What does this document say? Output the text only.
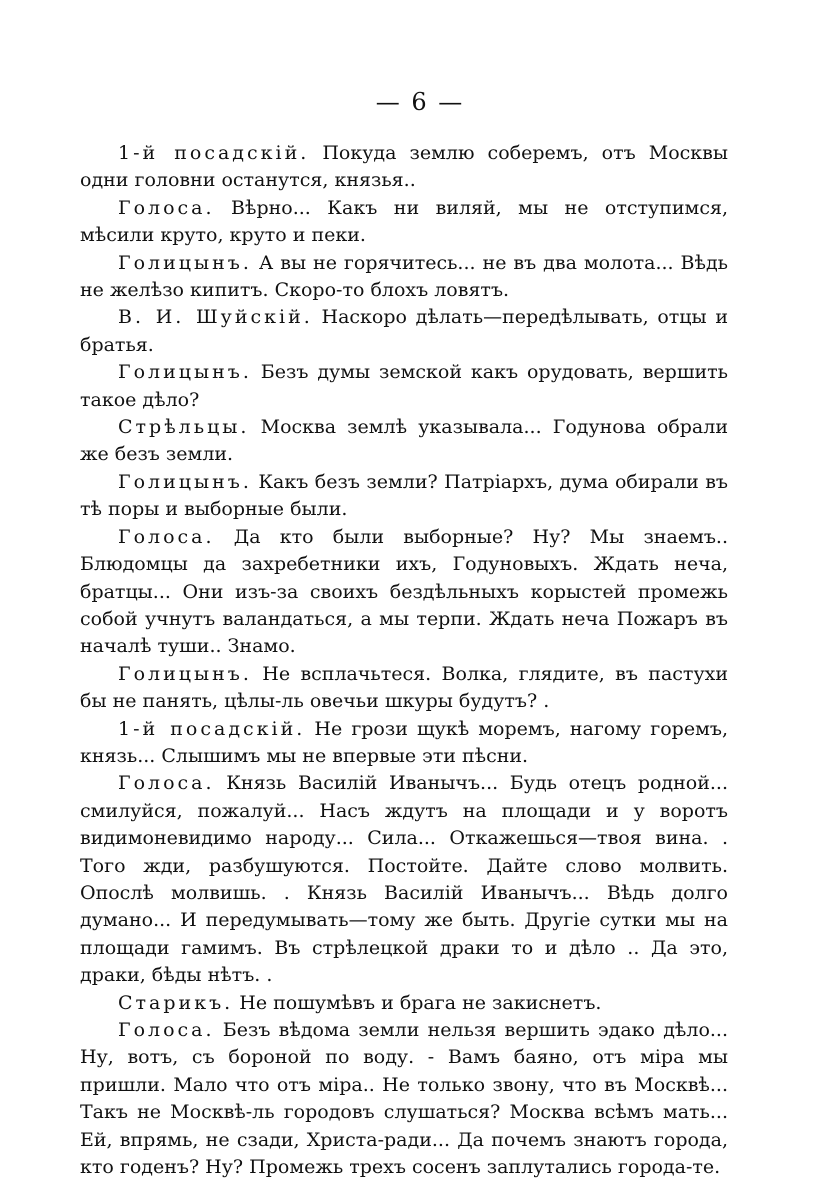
— 6 —

1-й посадскій. Покуда землю соберемъ, отъ Москвы одни головни останутся, князья..

Голоса. Вѣрно... Какъ ни виляй, мы не отступимся, мѣсили круто, круто и пеки.

Голицынъ. А вы не горячитесь... не въ два молота... Вѣдь не желѣзо кипитъ. Скоро-то блохъ ловятъ.

В. И. Шуйскій. Наскоро дѣлать—передѣлывать, отцы и братья.

Голицынъ. Безъ думы земской какъ орудовать, вершить такое дѣло?

Стрѣльцы. Москва землѣ указывала... Годунова обрали же безъ земли.

Голицынъ. Какъ безъ земли? Патріархъ, дума обирали въ тѣ поры и выборные были.

Голоса. Да кто были выборные? Ну? Мы знаемъ.. Блюдомцы да захребетники ихъ, Годуновыхъ. Ждать неча, братцы... Они изъ-за своихъ бездѣльныхъ корыстей промежь собой учнутъ валандаться, а мы терпи. Ждать неча Пожаръ въ началѣ туши.. Знамо.

Голицынъ. Не всплачьтеся. Волка, глядите, въ пастухи бы не панять, цѣлы-ль овечьи шкуры будутъ? .

1-й посадскій. Не грози щукѣ моремъ, нагому горемъ, князь... Слышимъ мы не впервые эти пѣсни.

Голоса. Князь Василій Иванычъ... Будь отецъ родной... смилуйся, пожалуй... Насъ ждутъ на площади и у воротъ видимоневидимо народу... Сила... Откажешься—твоя вина. . Того жди, разбушуются. Постойте. Дайте слово молвить. Опослѣ молвишь. . Князь Василій Иванычъ... Вѣдь долго думано... И передумывать—тому же быть. Другіе сутки мы на площади гамимъ. Въ стрѣлецкой драки то и дѣло .. Да это, драки, бѣды нѣтъ. .

Старикъ. Не пошумѣвъ и брага не закиснетъ.

Голоса. Безъ вѣдома земли нельзя вершить эдако дѣло... Ну, вотъ, съ бороной по воду. - Вамъ баяно, отъ міра мы пришли. Мало что отъ міра.. Не только звону, что въ Москвѣ... Такъ не Москвѣ-ль городовъ слушаться? Москва всѣмъ мать... Ей, впрямь, не сзади, Христа-ради... Да почемъ знаютъ города, кто годенъ? Ну? Промежь трехъ сосенъ заплутались города-те.
